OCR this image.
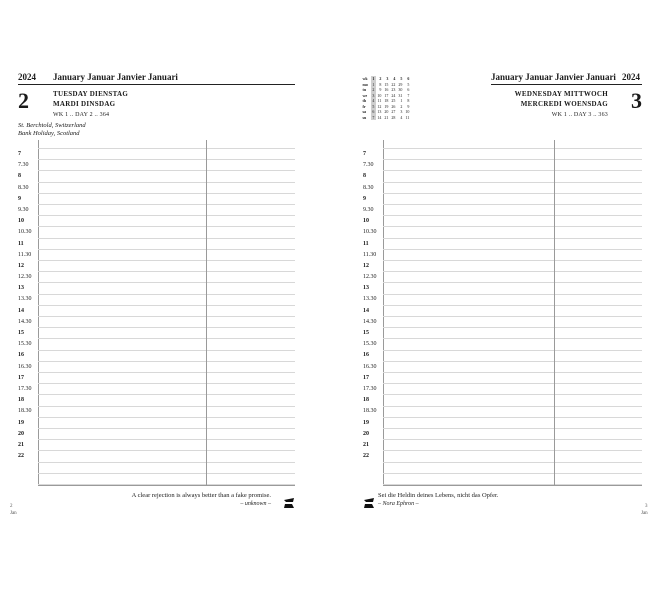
2024 January Januar Janvier Januari
2	TUESDAY DIENSTAG
MARDI DINSDAG
WK 1 .. DAY 2 .. 364
St. Berchtold, Switzerland
Bank Holiday, Scotland
7
7.30
8
8.30
9
9.30
10
10.30
11
11.30
12
12.30
13
13.30
14
14.30
15
15.30
16
16.30
17
17.30
18
18.30
19
20
21
22
A clear rejection is always better than a fake promise.
– unknown –
2
Jan
wk	1	2	3	4	5	6
mo	1	8	15	22	29	5
tu	2	9	16	23	30	6
we	3	10	17	24	31	7
th	4	11	18	25	1	8
fr	5	12	19	26	2	9
sa	6	13	20	27	3	10
su	7	14	21	28	4	11
January Januar Janvier Januari 2024
WEDNESDAY MITTWOCH
MERCREDI WOENSDAG
WK 1 .. DAY 3 .. 363
3
7
7.30
8
8.30
9
9.30
10
10.30
11
11.30
12
12.30
13
13.30
14
14.30
15
15.30
16
16.30
17
17.30
18
18.30
19
20
21
22
Sei die Heldin deines Lebens, nicht das Opfer.
– Nora Ephron –	3
Jan
